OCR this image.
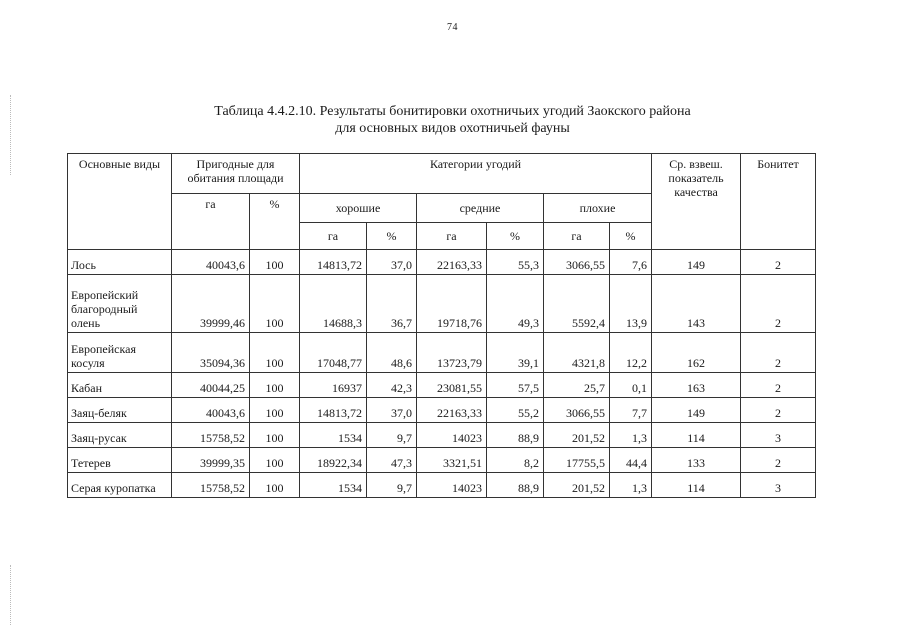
74
Таблица 4.4.2.10. Результаты бонитировки охотничьих угодий Заокского района
для основных видов охотничьей фауны
Основные виды	Пригодные для обитания площади		Категории угодий						Ср. взвеш. показатель качества	Бонитет
	га	%	хорошие		средние		плохие			
			га	%	га	%	га	%		
Лось	40043,6	100	14813,72	37,0	22163,33	55,3	3066,55	7,6	149	2
Европейский благородный олень	39999,46	100	14688,3	36,7	19718,76	49,3	5592,4	13,9	143	2
Европейская косуля	35094,36	100	17048,77	48,6	13723,79	39,1	4321,8	12,2	162	2
Кабан	40044,25	100	16937	42,3	23081,55	57,5	25,7	0,1	163	2
Заяц-беляк	40043,6	100	14813,72	37,0	22163,33	55,2	3066,55	7,7	149	2
Заяц-русак	15758,52	100	1534	9,7	14023	88,9	201,52	1,3	114	3
Тетерев	39999,35	100	18922,34	47,3	3321,51	8,2	17755,5	44,4	133	2
Серая куропатка	15758,52	100	1534	9,7	14023	88,9	201,52	1,3	114	3
